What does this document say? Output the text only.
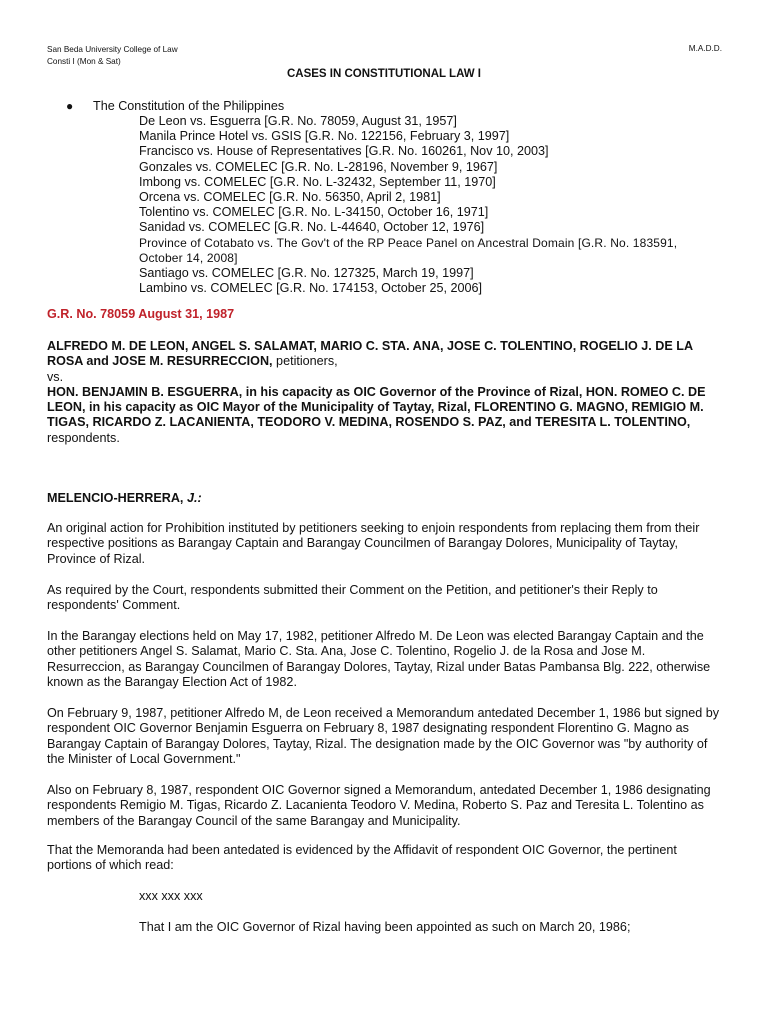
San Beda University College of Law
Consti I (Mon & Sat)
M.A.D.D.
CASES IN CONSTITUTIONAL LAW I
● The Constitution of the Philippines
De Leon vs. Esguerra [G.R. No. 78059, August 31, 1957]
Manila Prince Hotel vs. GSIS [G.R. No. 122156, February 3, 1997]
Francisco vs. House of Representatives [G.R. No. 160261, Nov 10, 2003]
Gonzales vs. COMELEC [G.R. No. L-28196, November 9, 1967]
Imbong vs. COMELEC [G.R. No. L-32432, September 11, 1970]
Orcena vs. COMELEC [G.R. No. 56350, April 2, 1981]
Tolentino vs. COMELEC [G.R. No. L-34150, October 16, 1971]
Sanidad vs. COMELEC [G.R. No. L-44640, October 12, 1976]
Province of Cotabato vs. The Gov't of the RP Peace Panel on Ancestral Domain [G.R. No. 183591, October 14, 2008]
Santiago vs. COMELEC [G.R. No. 127325, March 19, 1997]
Lambino vs. COMELEC [G.R. No. 174153, October 25, 2006]
G.R. No. 78059 August 31, 1987
ALFREDO M. DE LEON, ANGEL S. SALAMAT, MARIO C. STA. ANA, JOSE C. TOLENTINO, ROGELIO J. DE LA ROSA and JOSE M. RESURRECCION, petitioners,
vs.
HON. BENJAMIN B. ESGUERRA, in his capacity as OIC Governor of the Province of Rizal, HON. ROMEO C. DE LEON, in his capacity as OIC Mayor of the Municipality of Taytay, Rizal, FLORENTINO G. MAGNO, REMIGIO M. TIGAS, RICARDO Z. LACANIENTA, TEODORO V. MEDINA, ROSENDO S. PAZ, and TERESITA L. TOLENTINO, respondents.
MELENCIO-HERRERA, J.:
An original action for Prohibition instituted by petitioners seeking to enjoin respondents from replacing them from their respective positions as Barangay Captain and Barangay Councilmen of Barangay Dolores, Municipality of Taytay, Province of Rizal.
As required by the Court, respondents submitted their Comment on the Petition, and petitioner's their Reply to respondents' Comment.
In the Barangay elections held on May 17, 1982, petitioner Alfredo M. De Leon was elected Barangay Captain and the other petitioners Angel S. Salamat, Mario C. Sta. Ana, Jose C. Tolentino, Rogelio J. de la Rosa and Jose M. Resurreccion, as Barangay Councilmen of Barangay Dolores, Taytay, Rizal under Batas Pambansa Blg. 222, otherwise known as the Barangay Election Act of 1982.
On February 9, 1987, petitioner Alfredo M, de Leon received a Memorandum antedated December 1, 1986 but signed by respondent OIC Governor Benjamin Esguerra on February 8, 1987 designating respondent Florentino G. Magno as Barangay Captain of Barangay Dolores, Taytay, Rizal. The designation made by the OIC Governor was "by authority of the Minister of Local Government."
Also on February 8, 1987, respondent OIC Governor signed a Memorandum, antedated December 1, 1986 designating respondents Remigio M. Tigas, Ricardo Z. Lacanienta Teodoro V. Medina, Roberto S. Paz and Teresita L. Tolentino as members of the Barangay Council of the same Barangay and Municipality.
That the Memoranda had been antedated is evidenced by the Affidavit of respondent OIC Governor, the pertinent portions of which read:
xxx xxx xxx
That I am the OIC Governor of Rizal having been appointed as such on March 20, 1986;
